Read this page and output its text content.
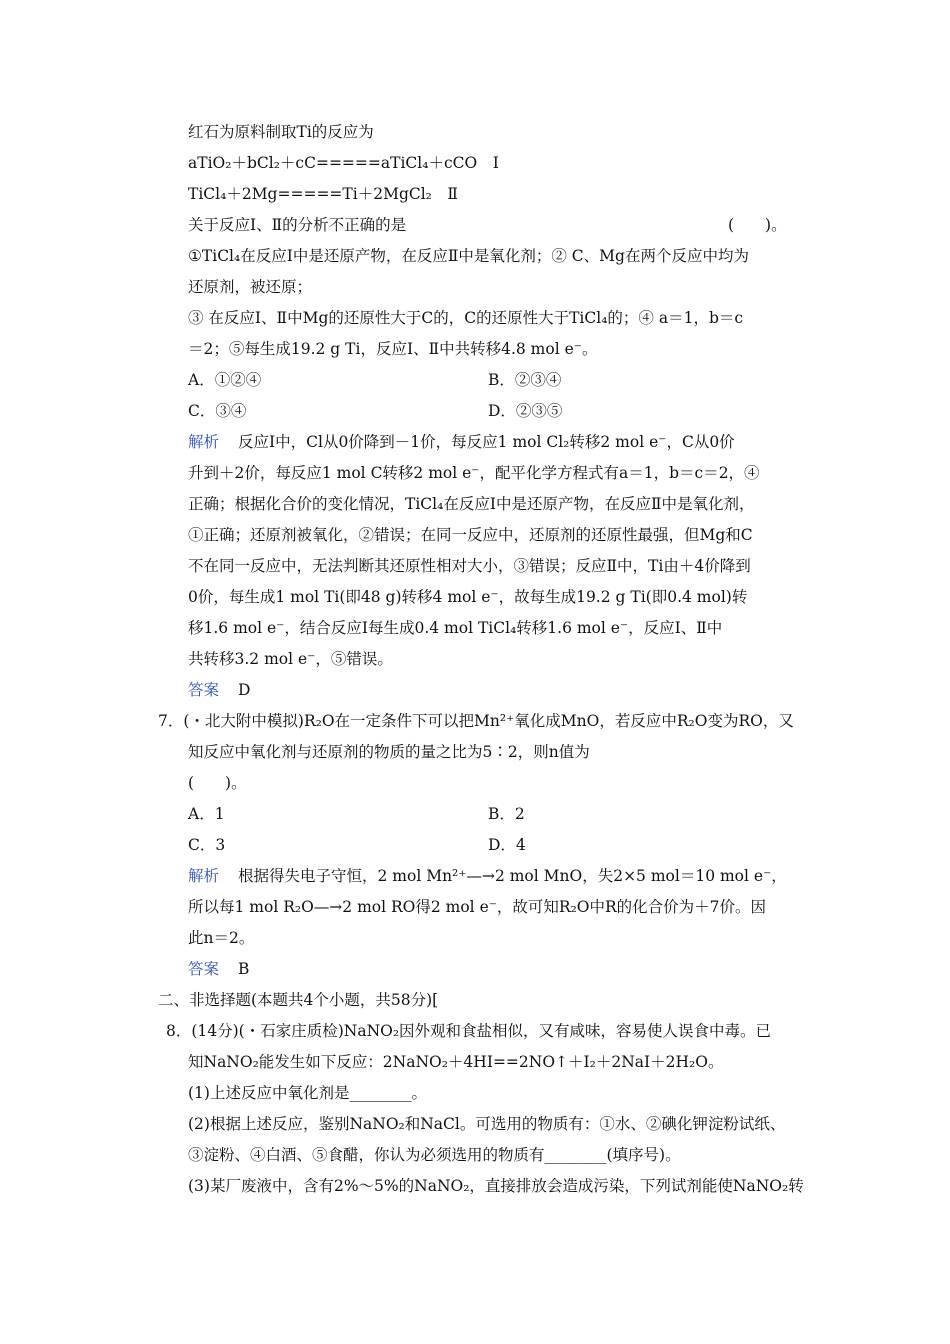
红石为原料制取Ti的反应为
aTiO₂＋bCl₂＋cC=====aTiCl₄＋cCO　Ⅰ
TiCl₄＋2Mg=====Ti＋2MgCl₂　Ⅱ
关于反应Ⅰ、Ⅱ的分析不正确的是	(　　)。
①TiCl₄在反应Ⅰ中是还原产物，在反应Ⅱ中是氧化剂；② C、Mg在两个反应中均为
还原剂，被还原；
③ 在反应Ⅰ、Ⅱ中Mg的还原性大于C的，C的还原性大于TiCl₄的；④ a＝1，b＝c
＝2；⑤每生成19.2 g Ti，反应Ⅰ、Ⅱ中共转移4.8 mol e⁻。
A．①②④	B．②③④
C．③④	D．②③⑤
解析 反应Ⅰ中，Cl从0价降到－1价，每反应1 mol Cl₂转移2 mol e⁻，C从0价
升到＋2价，每反应1 mol C转移2 mol e⁻，配平化学方程式有a＝1，b＝c＝2，④
正确；根据化合价的变化情况，TiCl₄在反应Ⅰ中是还原产物，在反应Ⅱ中是氧化剂，
①正确；还原剂被氧化，②错误；在同一反应中，还原剂的还原性最强，但Mg和C
不在同一反应中，无法判断其还原性相对大小，③错误；反应Ⅱ中，Ti由＋4价降到
0价，每生成1 mol Ti(即48 g)转移4 mol e⁻，故每生成19.2 g Ti(即0.4 mol)转
移1.6 mol e⁻，结合反应Ⅰ每生成0.4 mol TiCl₄转移1.6 mol e⁻，反应Ⅰ、Ⅱ中
共转移3.2 mol e⁻，⑤错误。
答案 D
7．(・北大附中模拟)R₂O在一定条件下可以把Mn²⁺氧化成MnO，若反应中R₂O变为RO，又
知反应中氧化剂与还原剂的物质的量之比为5∶2，则n值为
(　　)。
A．1	B．2
C．3	D．4
解析 根据得失电子守恒，2 mol Mn²⁺—→2 mol MnO，失2×5 mol＝10 mol e⁻，
所以每1 mol R₂O—→2 mol RO得2 mol e⁻，故可知R₂O中R的化合价为＋7价。因
此n＝2。
答案 B
二、非选择题(本题共4个小题，共58分)[
8．(14分)(・石家庄质检)NaNO₂因外观和食盐相似，又有咸味，容易使人误食中毒。已
知NaNO₂能发生如下反应：2NaNO₂＋4HI==2NO↑＋I₂＋2NaI＋2H₂O。
(1)上述反应中氧化剂是________。
(2)根据上述反应，鉴别NaNO₂和NaCl。可选用的物质有：①水、②碘化钾淀粉试纸、
③淀粉、④白酒、⑤食醋，你认为必须选用的物质有________(填序号)。
(3)某厂废液中，含有2%～5%的NaNO₂，直接排放会造成污染，下列试剂能使NaNO₂转
